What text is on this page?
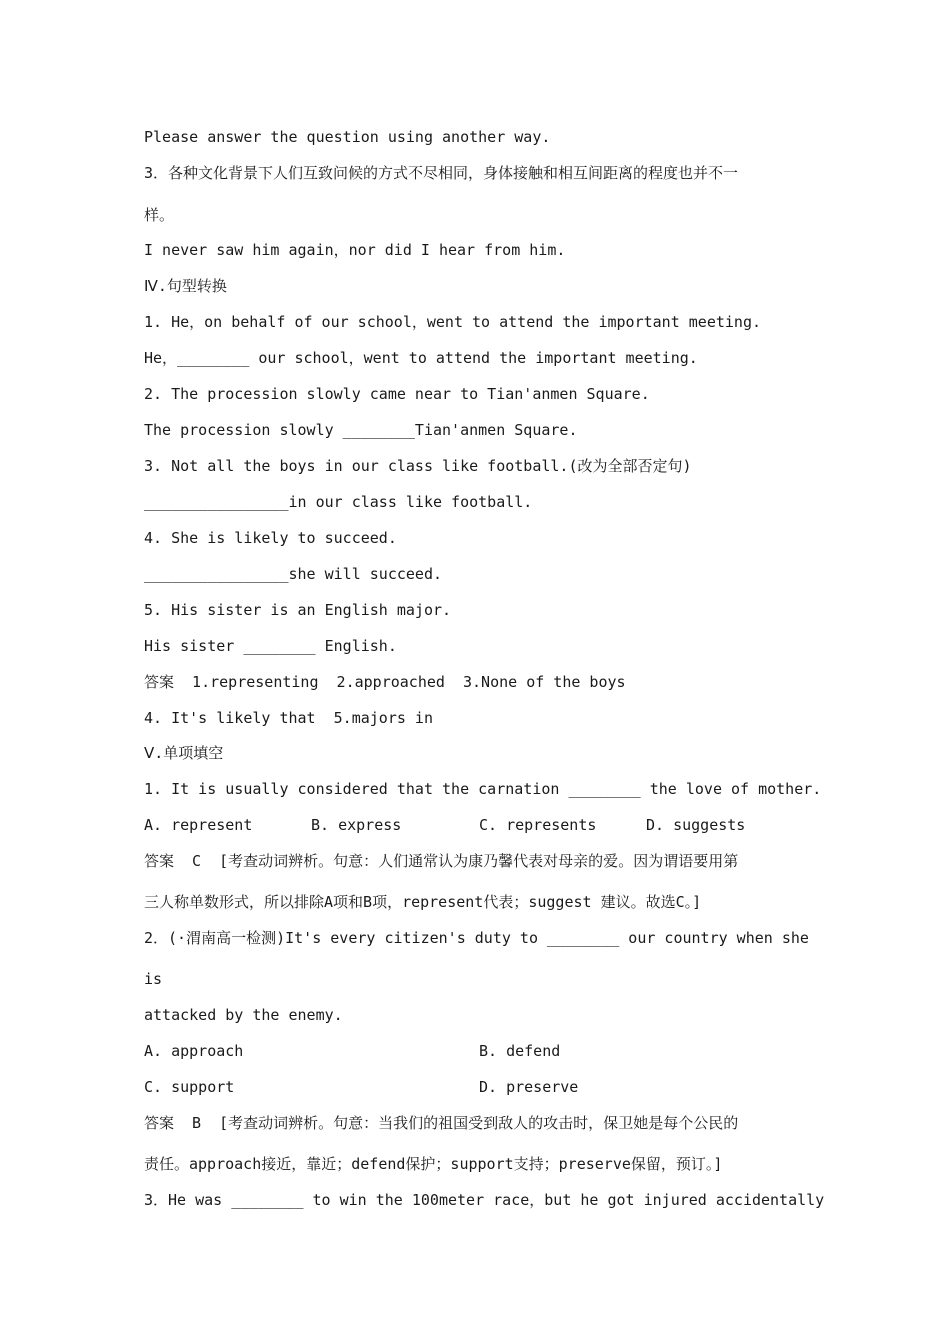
Please answer the question using another way.
3．各种文化背景下人们互致问候的方式不尽相同，身体接触和相互间距离的程度也并不一
样。
I never saw him again，nor did I hear from him.
Ⅳ.句型转换
1. He，on behalf of our school，went to attend the important meeting.
He，________ our school，went to attend the important meeting.
2. The procession slowly came near to Tian'anmen Square.
The procession slowly ________Tian'anmen Square.
3. Not all the boys in our class like football.(改为全部否定句)
________________in our class like football.
4. She is likely to succeed.
________________she will succeed.
5. His sister is an English major.
His sister ________ English.
答案  1.representing  2.approached  3.None of the boys
4. It's likely that  5.majors in
Ⅴ.单项填空
1. It is usually considered that the carnation ________ the love of mother.
A. represent	B. express	C. represents	D. suggests
答案  C  [考查动词辨析。句意：人们通常认为康乃馨代表对母亲的爱。因为谓语要用第
三人称单数形式，所以排除A项和B项，represent代表；suggest 建议。故选C。]
2．(·渭南高一检测)It's every citizen's duty to ________ our country when she
is
attacked by the enemy.
A. approach	B. defend
C. support	D. preserve
答案  B  [考查动词辨析。句意：当我们的祖国受到敌人的攻击时，保卫她是每个公民的
责任。approach接近，靠近；defend保护；support支持；preserve保留，预订。]
3．He was ________ to win the 100meter race，but he got injured accidentally
